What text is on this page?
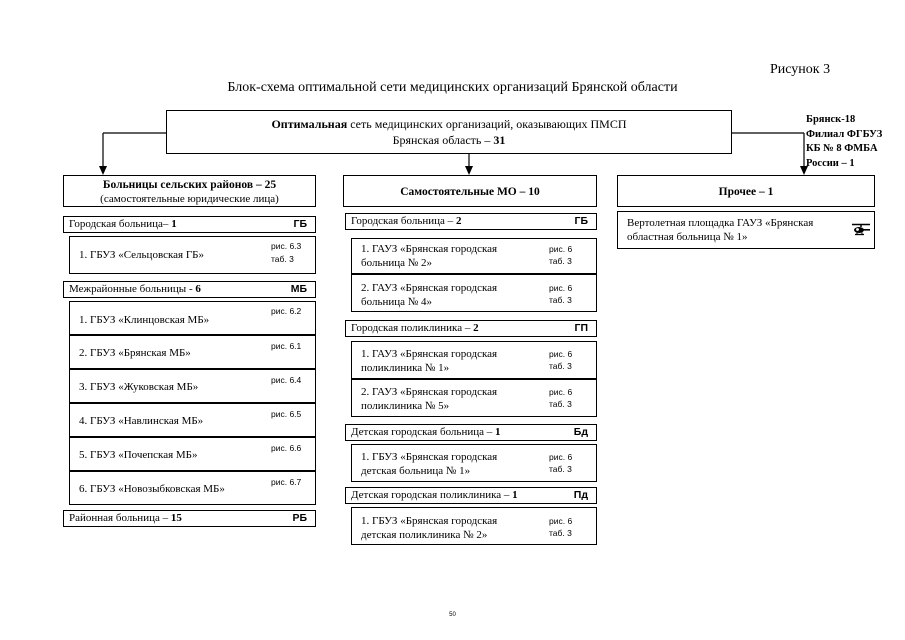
Рисунок 3
Блок-схема оптимальной сети медицинских организаций Брянской области
Оптимальная сеть медицинских организаций, оказывающих ПМСП
Брянская область – 31
Брянск-18
Филиал ФГБУЗ
КБ № 8 ФМБА
России – 1
Больницы сельских районов – 25
(самостоятельные юридические лица)
Самостоятельные МО – 10	Прочее – 1
Городская больница– 1	ГБ
1. ГБУЗ «Сельцовская ГБ»
рис. 6.3
таб. 3
Межрайонные больницы - 6	МБ
1. ГБУЗ «Клинцовская МБ»
рис. 6.2
2. ГБУЗ «Брянская МБ»
рис. 6.1
3. ГБУЗ «Жуковская МБ»
рис. 6.4
4. ГБУЗ «Навлинская МБ»
рис. 6.5
5. ГБУЗ «Почепская МБ»
рис. 6.6
6. ГБУЗ «Новозыбковская МБ»
рис. 6.7
Районная больница – 15	РБ
Городская больница – 2	ГБ
1. ГАУЗ «Брянская городская
больница № 2»
рис. 6
таб. 3
2. ГАУЗ «Брянская городская
больница № 4»
рис. 6
таб. 3
Городская поликлиника – 2	ГП
1. ГАУЗ «Брянская городская
поликлиника № 1»
рис. 6
таб. 3
2. ГАУЗ «Брянская городская
поликлиника № 5»
рис. 6
таб. 3
Детская городская больница – 1	Бд
1. ГБУЗ «Брянская городская
детская больница № 1»
рис. 6
таб. 3
Детская городская поликлиника – 1	Пд
1. ГБУЗ «Брянская городская
детская поликлиника № 2»
рис. 6
таб. 3
Вертолетная площадка ГАУЗ «Брянская
областная больница № 1»
50
